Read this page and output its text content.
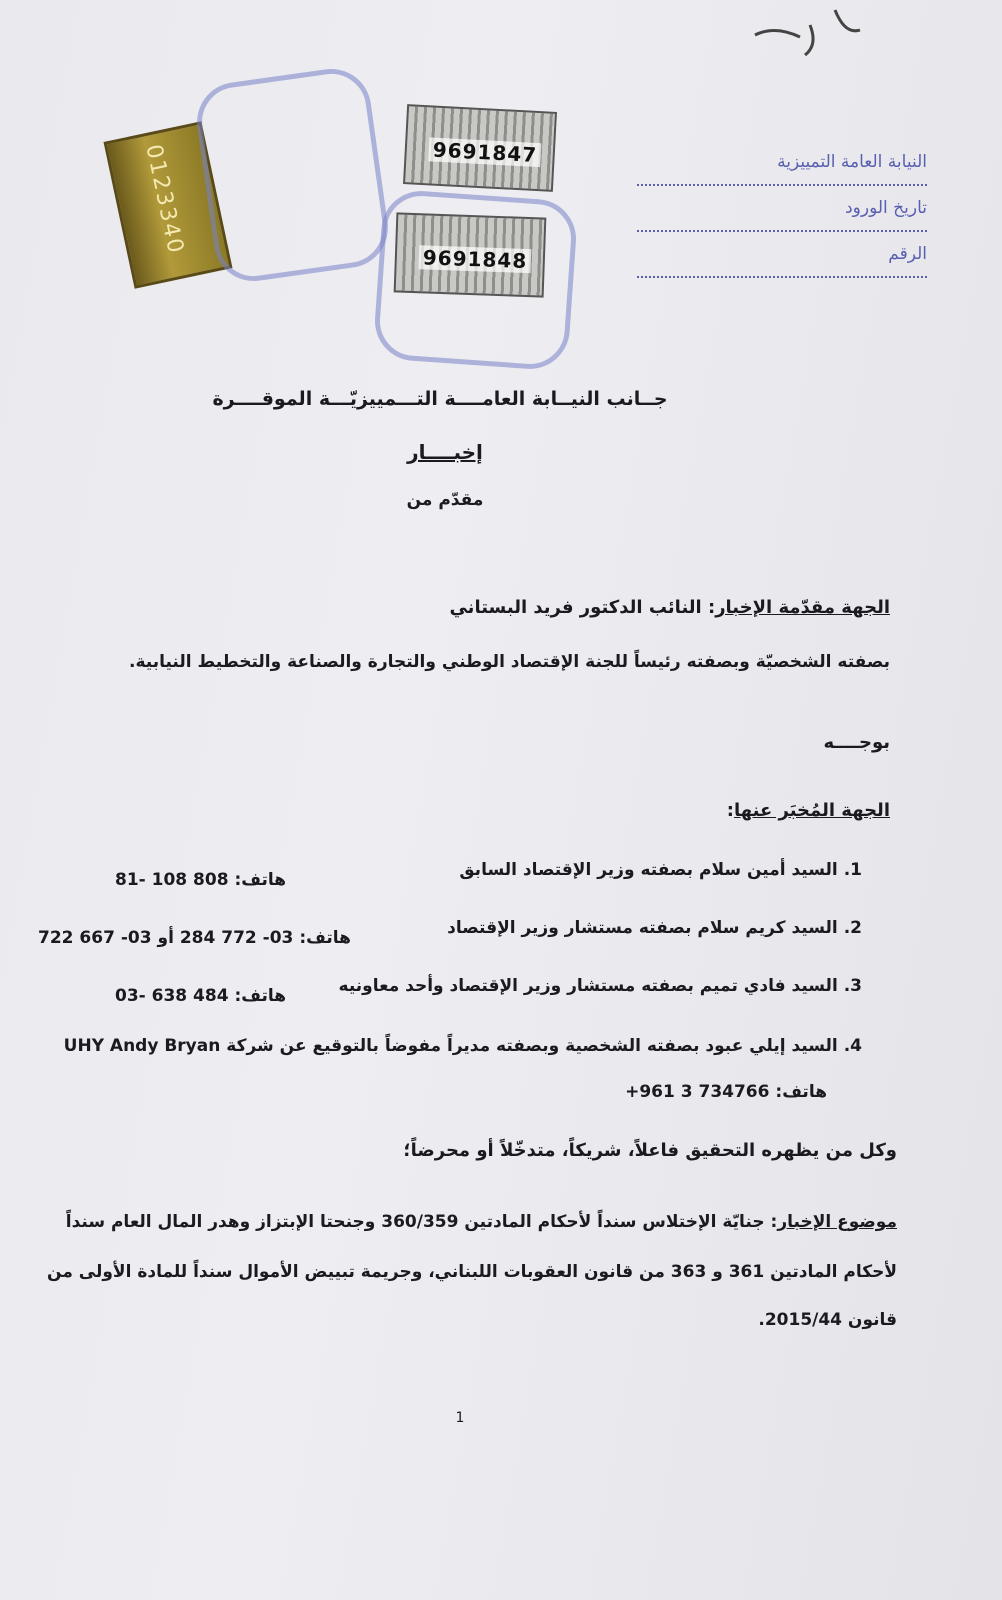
0123340	9691847
9691848
النيابة العامة التمييزية
تاريخ الورود
الرقم
جــانب النيــابة العامــــة التـــمييزيّـــة الموقــــرة
إخبــــار
مقدّم من
الجهة مقدّمة الإخبار: النائب الدكتور فريد البستاني
بصفته الشخصيّة وبصفته رئيساً للجنة الإقتصاد الوطني والتجارة والصناعة والتخطيط النيابية.
بوجــــه
الجهة المُخبَر عنها:
1. السيد أمين سلام بصفته وزير الإقتصاد السابق
هاتف: 81- 108 808
2. السيد كريم سلام بصفته مستشار وزير الإقتصاد
هاتف: 03- 772 284 أو 03- 667 722
3. السيد فادي تميم بصفته مستشار وزير الإقتصاد وأحد معاونيه
هاتف: 03- 638 484
4. السيد إيلي عبود بصفته الشخصية وبصفته مديراً مفوضاً بالتوقيع عن شركة UHY Andy Bryan
هاتف: +961 3 734766
وكل من يظهره التحقيق فاعلاً، شريكاً، متدخّلاً أو محرضاً؛
موضوع الإخبار: جنايّة الإختلاس سنداً لأحكام المادتين 360/359 وجنحتا الإبتزاز وهدر المال العام سنداً
لأحكام المادتين 361 و 363 من قانون العقوبات اللبناني، وجريمة تبييض الأموال سنداً للمادة الأولى من
قانون 2015/44.
1
